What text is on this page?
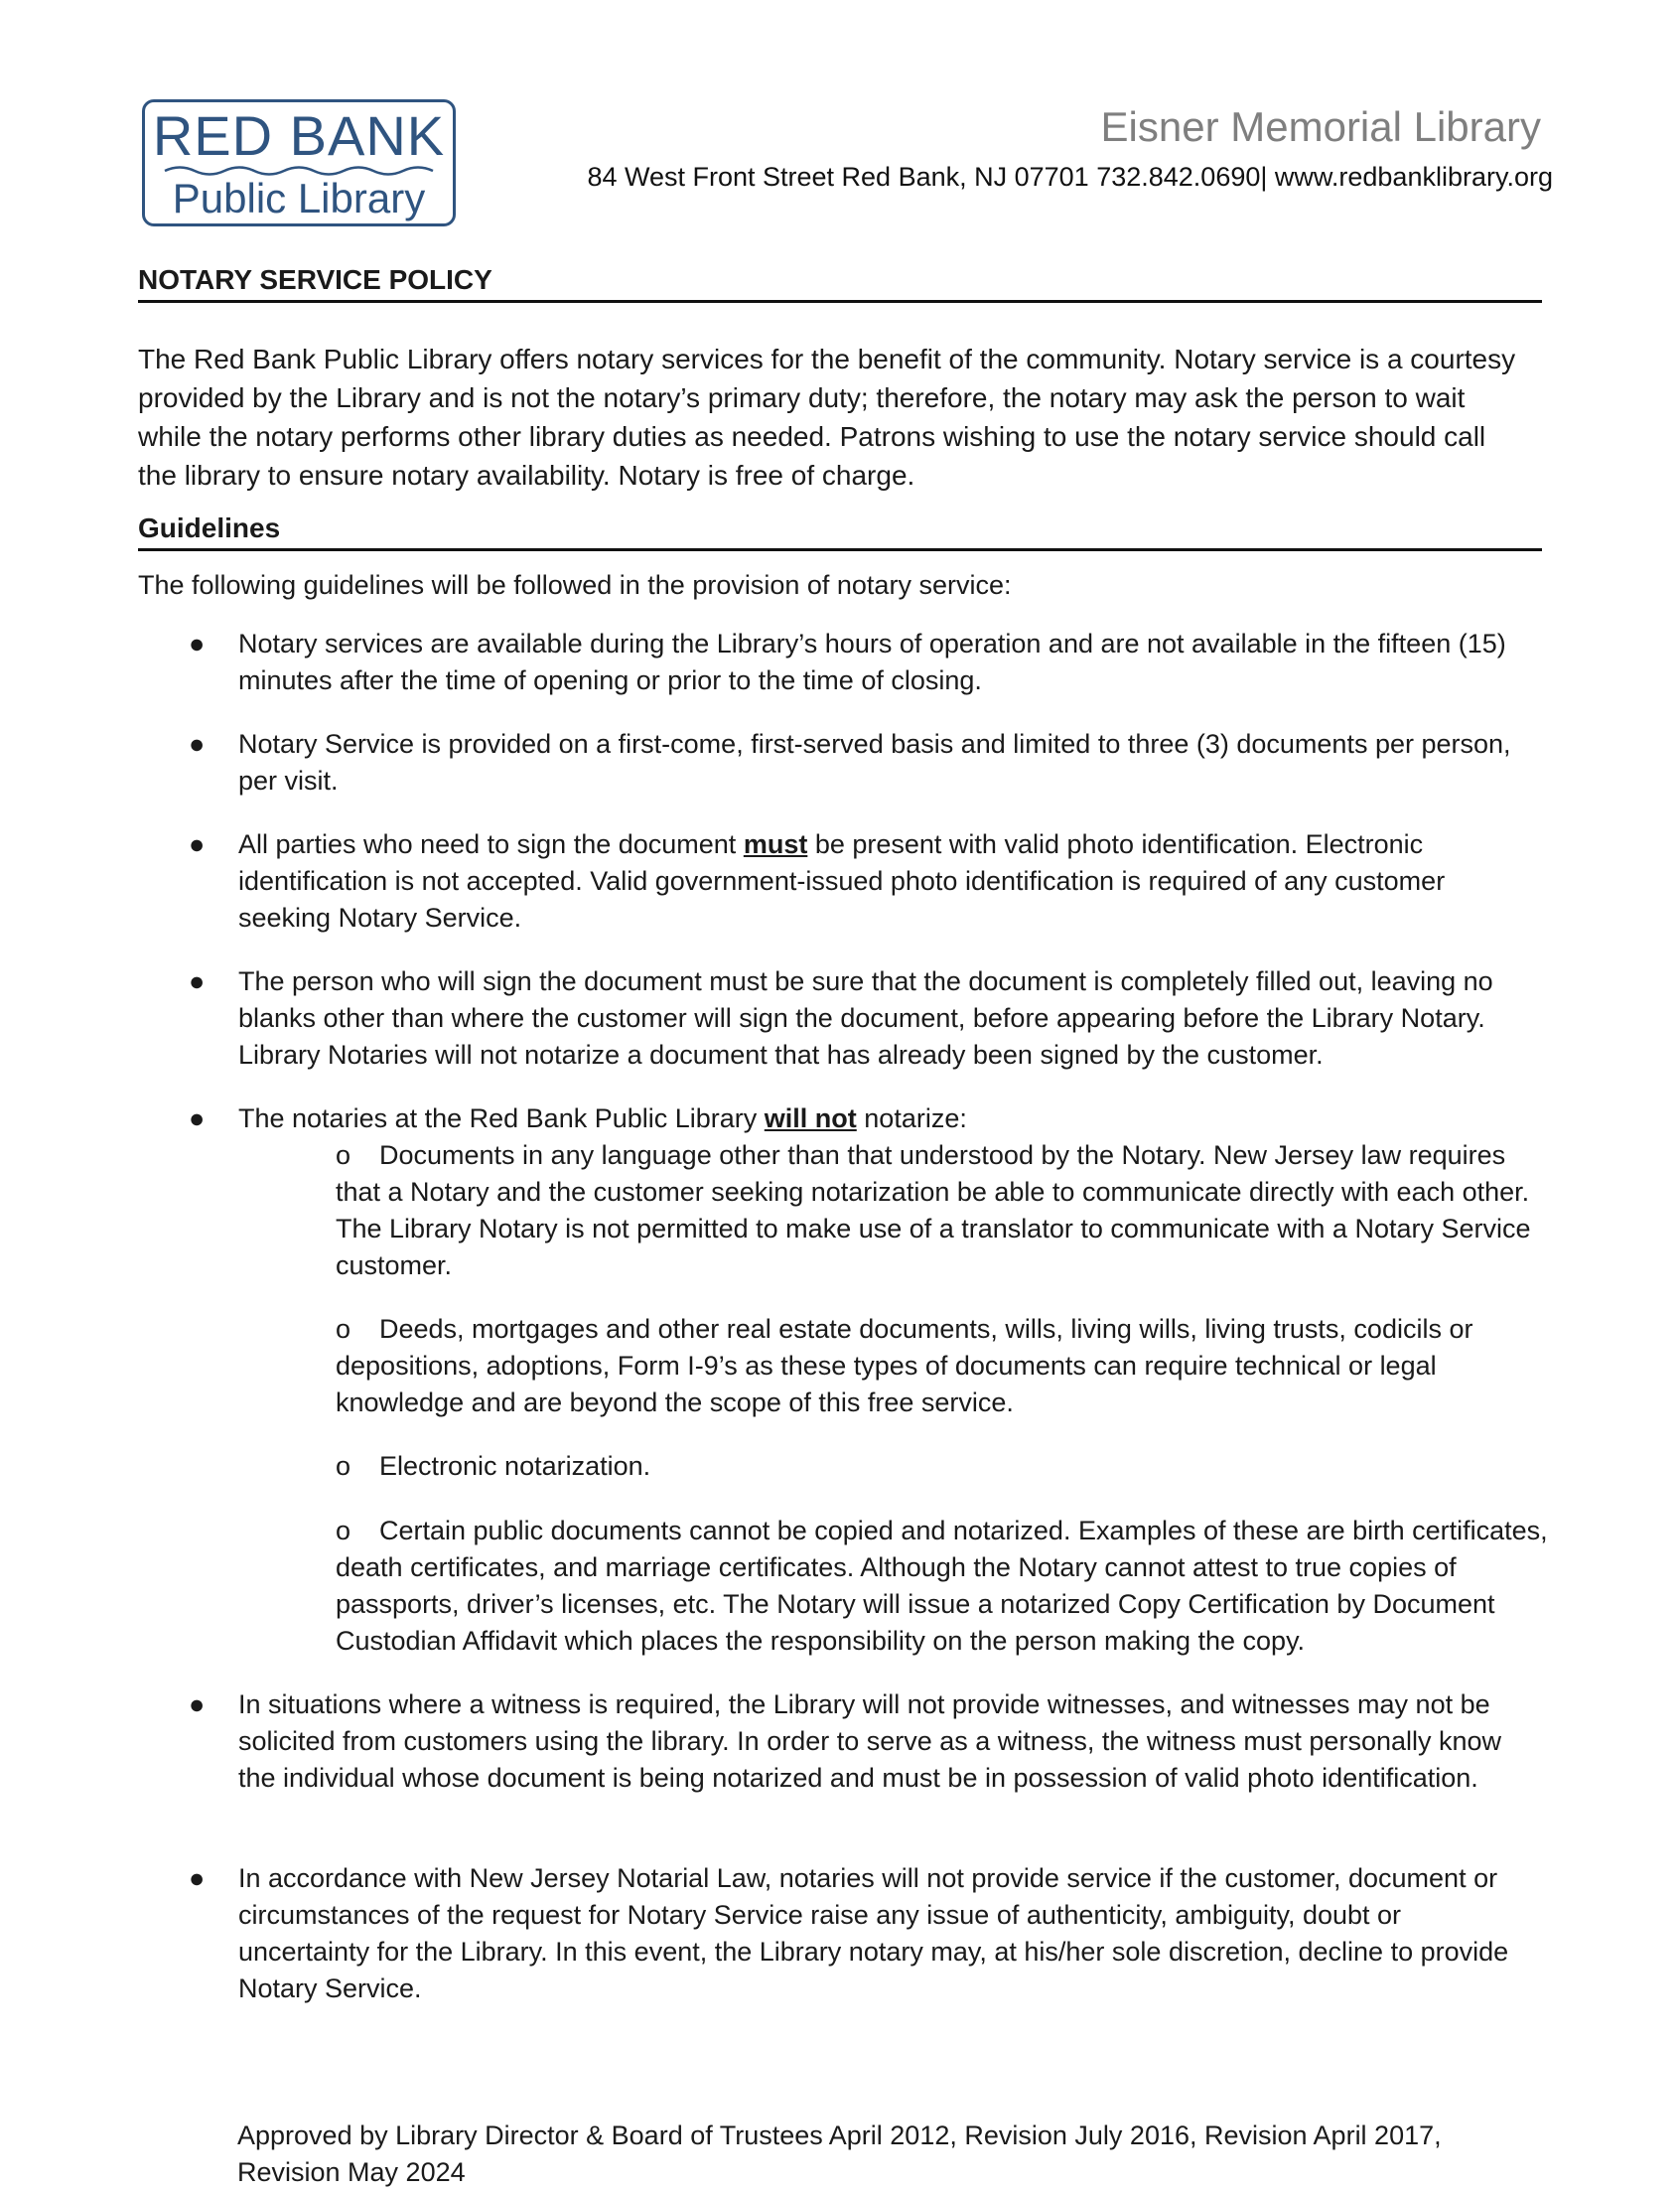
RED BANK
Public Library
Eisner Memorial Library
84 West Front Street Red Bank, NJ 07701 732.842.0690| www.redbanklibrary.org
NOTARY SERVICE POLICY
The Red Bank Public Library offers notary services for the benefit of the community. Notary service is a courtesy provided by the Library and is not the notary’s primary duty; therefore, the notary may ask the person to wait while the notary performs other library duties as needed. Patrons wishing to use the notary service should call the library to ensure notary availability. Notary is free of charge.
Guidelines
The following guidelines will be followed in the provision of notary service:
●	Notary services are available during the Library’s hours of operation and are not available in the fifteen (15) minutes after the time of opening or prior to the time of closing.
●	Notary Service is provided on a first-come, first-served basis and limited to three (3) documents per person, per visit.
●	All parties who need to sign the document must be present with valid photo identification. Electronic identification is not accepted. Valid government-issued photo identification is required of any customer seeking Notary Service.
●	The person who will sign the document must be sure that the document is completely filled out, leaving no blanks other than where the customer will sign the document, before appearing before the Library Notary. Library Notaries will not notarize a document that has already been signed by the customer.
●	The notaries at the Red Bank Public Library will not notarize:
o Documents in any language other than that understood by the Notary. New Jersey law requires that a Notary and the customer seeking notarization be able to communicate directly with each other. The Library Notary is not permitted to make use of a translator to communicate with a Notary Service customer.
o Deeds, mortgages and other real estate documents, wills, living wills, living trusts, codicils or depositions, adoptions, Form I-9’s as these types of documents can require technical or legal knowledge and are beyond the scope of this free service.
o Electronic notarization.
o Certain public documents cannot be copied and notarized. Examples of these are birth certificates, death certificates, and marriage certificates. Although the Notary cannot attest to true copies of passports, driver’s licenses, etc. The Notary will issue a notarized Copy Certification by Document Custodian Affidavit which places the responsibility on the person making the copy.
●	In situations where a witness is required, the Library will not provide witnesses, and witnesses may not be solicited from customers using the library. In order to serve as a witness, the witness must personally know the individual whose document is being notarized and must be in possession of valid photo identification.
●	In accordance with New Jersey Notarial Law, notaries will not provide service if the customer, document or circumstances of the request for Notary Service raise any issue of authenticity, ambiguity, doubt or uncertainty for the Library. In this event, the Library notary may, at his/her sole discretion, decline to provide Notary Service.
Approved by Library Director & Board of Trustees April 2012, Revision July 2016, Revision April 2017, Revision May 2024
